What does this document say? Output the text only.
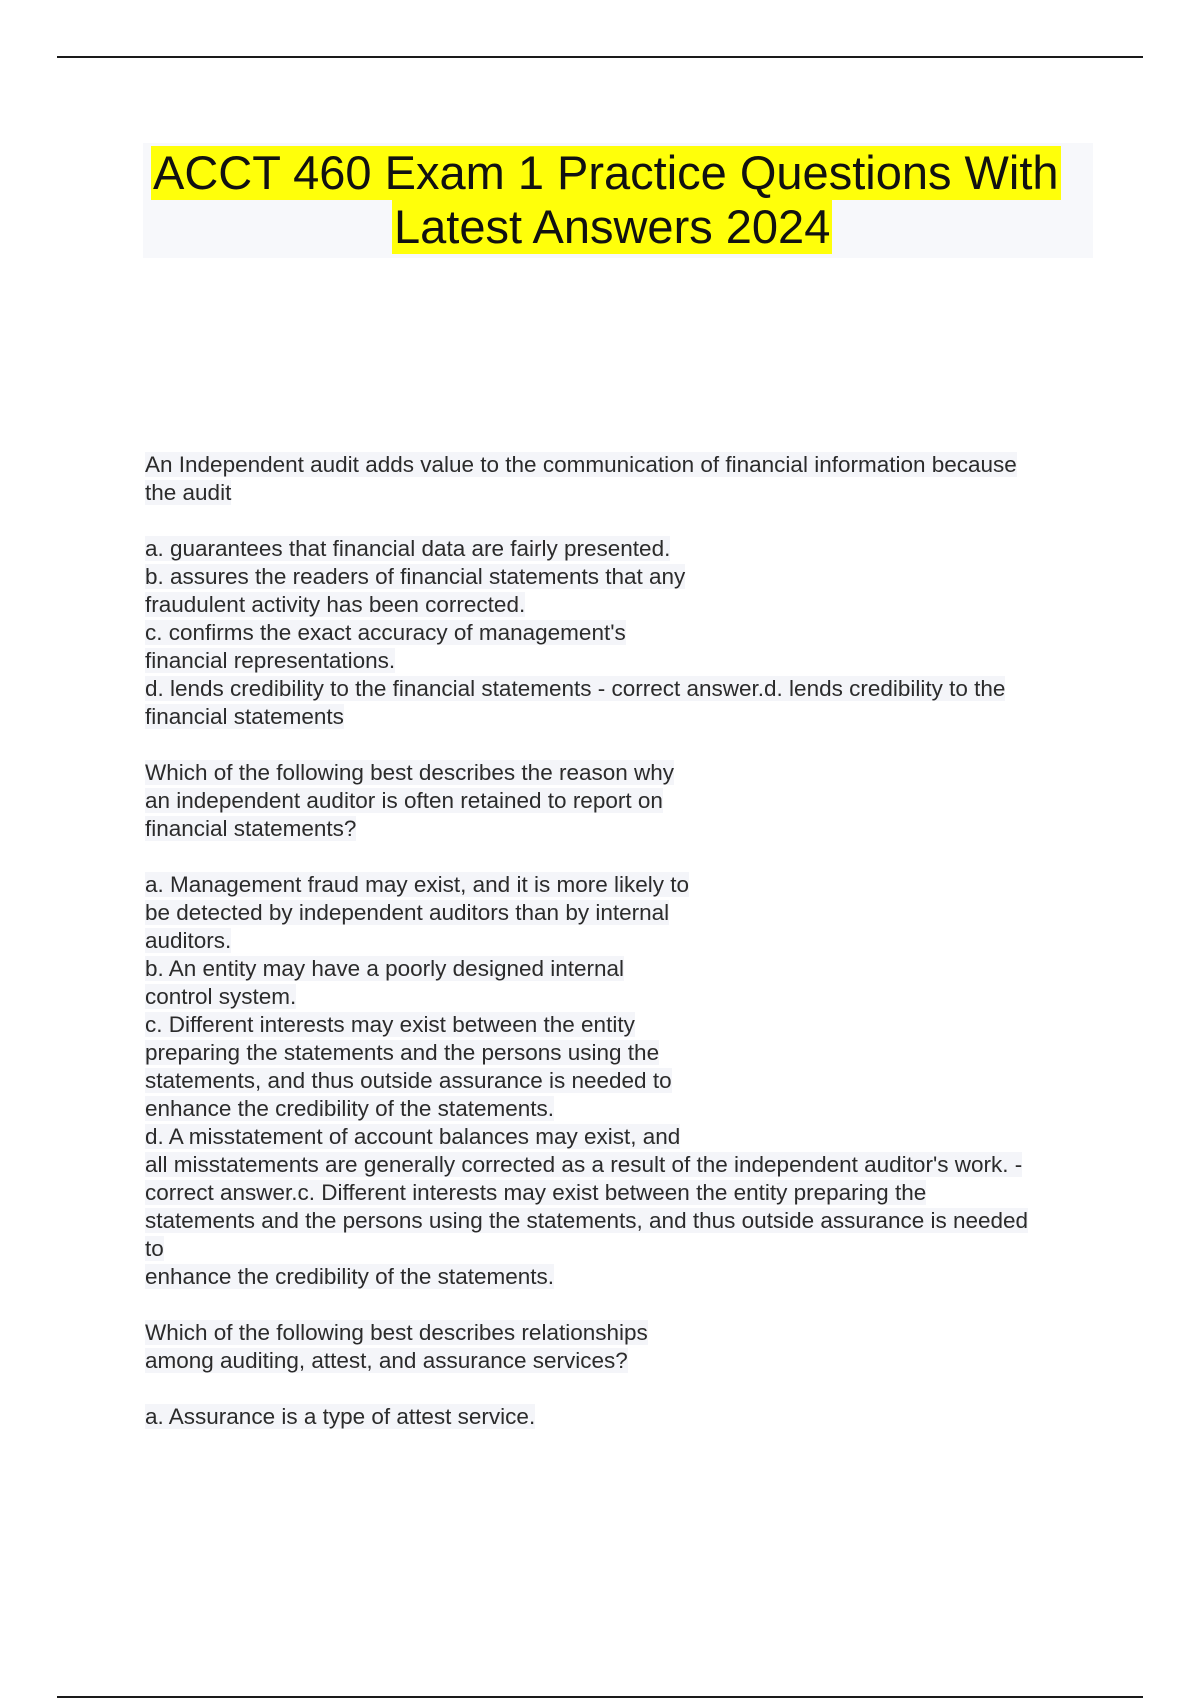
ACCT 460 Exam 1 Practice Questions With
Latest Answers 2024
An Independent audit adds value to the communication of financial information because
the audit
a. guarantees that financial data are fairly presented.
b. assures the readers of financial statements that any
fraudulent activity has been corrected.
c. confirms the exact accuracy of management's
financial representations.
d. lends credibility to the financial statements - correct answer.d. lends credibility to the
financial statements
Which of the following best describes the reason why
an independent auditor is often retained to report on
financial statements?
a. Management fraud may exist, and it is more likely to
be detected by independent auditors than by internal
auditors.
b. An entity may have a poorly designed internal
control system.
c. Different interests may exist between the entity
preparing the statements and the persons using the
statements, and thus outside assurance is needed to
enhance the credibility of the statements.
d. A misstatement of account balances may exist, and
all misstatements are generally corrected as a result of the independent auditor's work. -
correct answer.c. Different interests may exist between the entity preparing the
statements and the persons using the statements, and thus outside assurance is needed
to
enhance the credibility of the statements.
Which of the following best describes relationships
among auditing, attest, and assurance services?
a. Assurance is a type of attest service.
